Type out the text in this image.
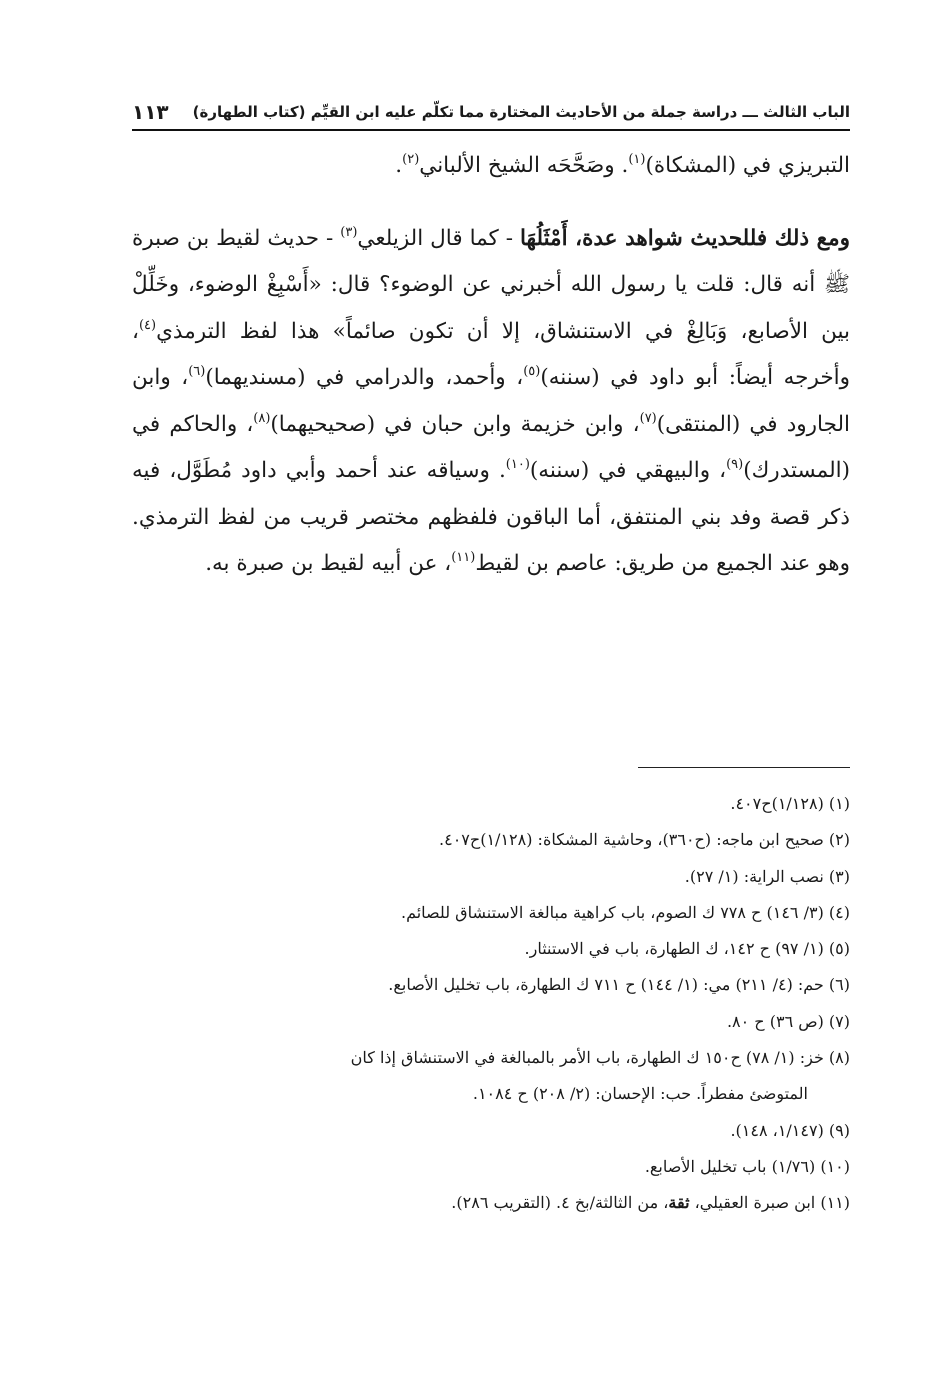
الباب الثالث ـــ دراسة جملة من الأحاديث المختارة مما تكلّم عليه ابن القيِّم (كتاب الطهارة)
١١٣

التبريزي في (المشكاة)$^{(١)}$. وصَحَّحَه الشيخ الألباني$^{(٢)}$.

ومع ذلك فللحديث شواهد عدة، أَمْثَلُهَا - كما قال الزيلعي$^{(٣)}$ - حديث لقيط بن صبرة ﷺ أنه قال: قلت يا رسول الله أخبرني عن الوضوء؟ قال: «أَسْبِغْ الوضوء، وخَلِّلْ بين الأصابع، وَبَالِغْ في الاستنشاق، إلا أن تكون صائماً» هذا لفظ الترمذي$^{(٤)}$، وأخرجه أيضاً: أبو داود في (سننه)$^{(٥)}$، وأحمد، والدرامي في (مسنديهما)$^{(٦)}$، وابن الجارود في (المنتقى)$^{(٧)}$، وابن خزيمة وابن حبان في (صحيحيهما)$^{(٨)}$، والحاكم في (المستدرك)$^{(٩)}$، والبيهقي في (سننه)$^{(١٠)}$. وسياقه عند أحمد وأبي داود مُطَوَّل، فيه ذكر قصة وفد بني المنتفق، أما الباقون فلفظهم مختصر قريب من لفظ الترمذي. وهو عند الجميع من طريق: عاصم بن لقيط$^{(١١)}$، عن أبيه لقيط بن صبرة به.

(١) (١/١٢٨)ح٤٠٧.
(٢) صحيح ابن ماجه: (ح٣٦٠)، وحاشية المشكاة: (١/١٢٨)ح٤٠٧.
(٣) نصب الراية: (١/ ٢٧).
(٤) (٣/ ١٤٦) ح ٧٧٨ ك الصوم، باب كراهية مبالغة الاستنشاق للصائم.
(٥) (١/ ٩٧) ح ١٤٢، ك الطهارة، باب في الاستنثار.
(٦) حم: (٤/ ٢١١) مي: (١/ ١٤٤) ح ٧١١ ك الطهارة، باب تخليل الأصابع.
(٧) (ص ٣٦) ح ٨٠.
(٨) خز: (١/ ٧٨) ح١٥٠ ك الطهارة، باب الأمر بالمبالغة في الاستنشاق إذا كان
المتوضئ مفطراً. حب: الإحسان: (٢/ ٢٠٨) ح ١٠٨٤.
(٩) (١/١٤٧، ١٤٨).
(١٠) (١/٧٦) باب تخليل الأصابع.
(١١) ابن صبرة العقيلي، ثقة، من الثالثة/بخ ٤. (التقريب ٢٨٦).
